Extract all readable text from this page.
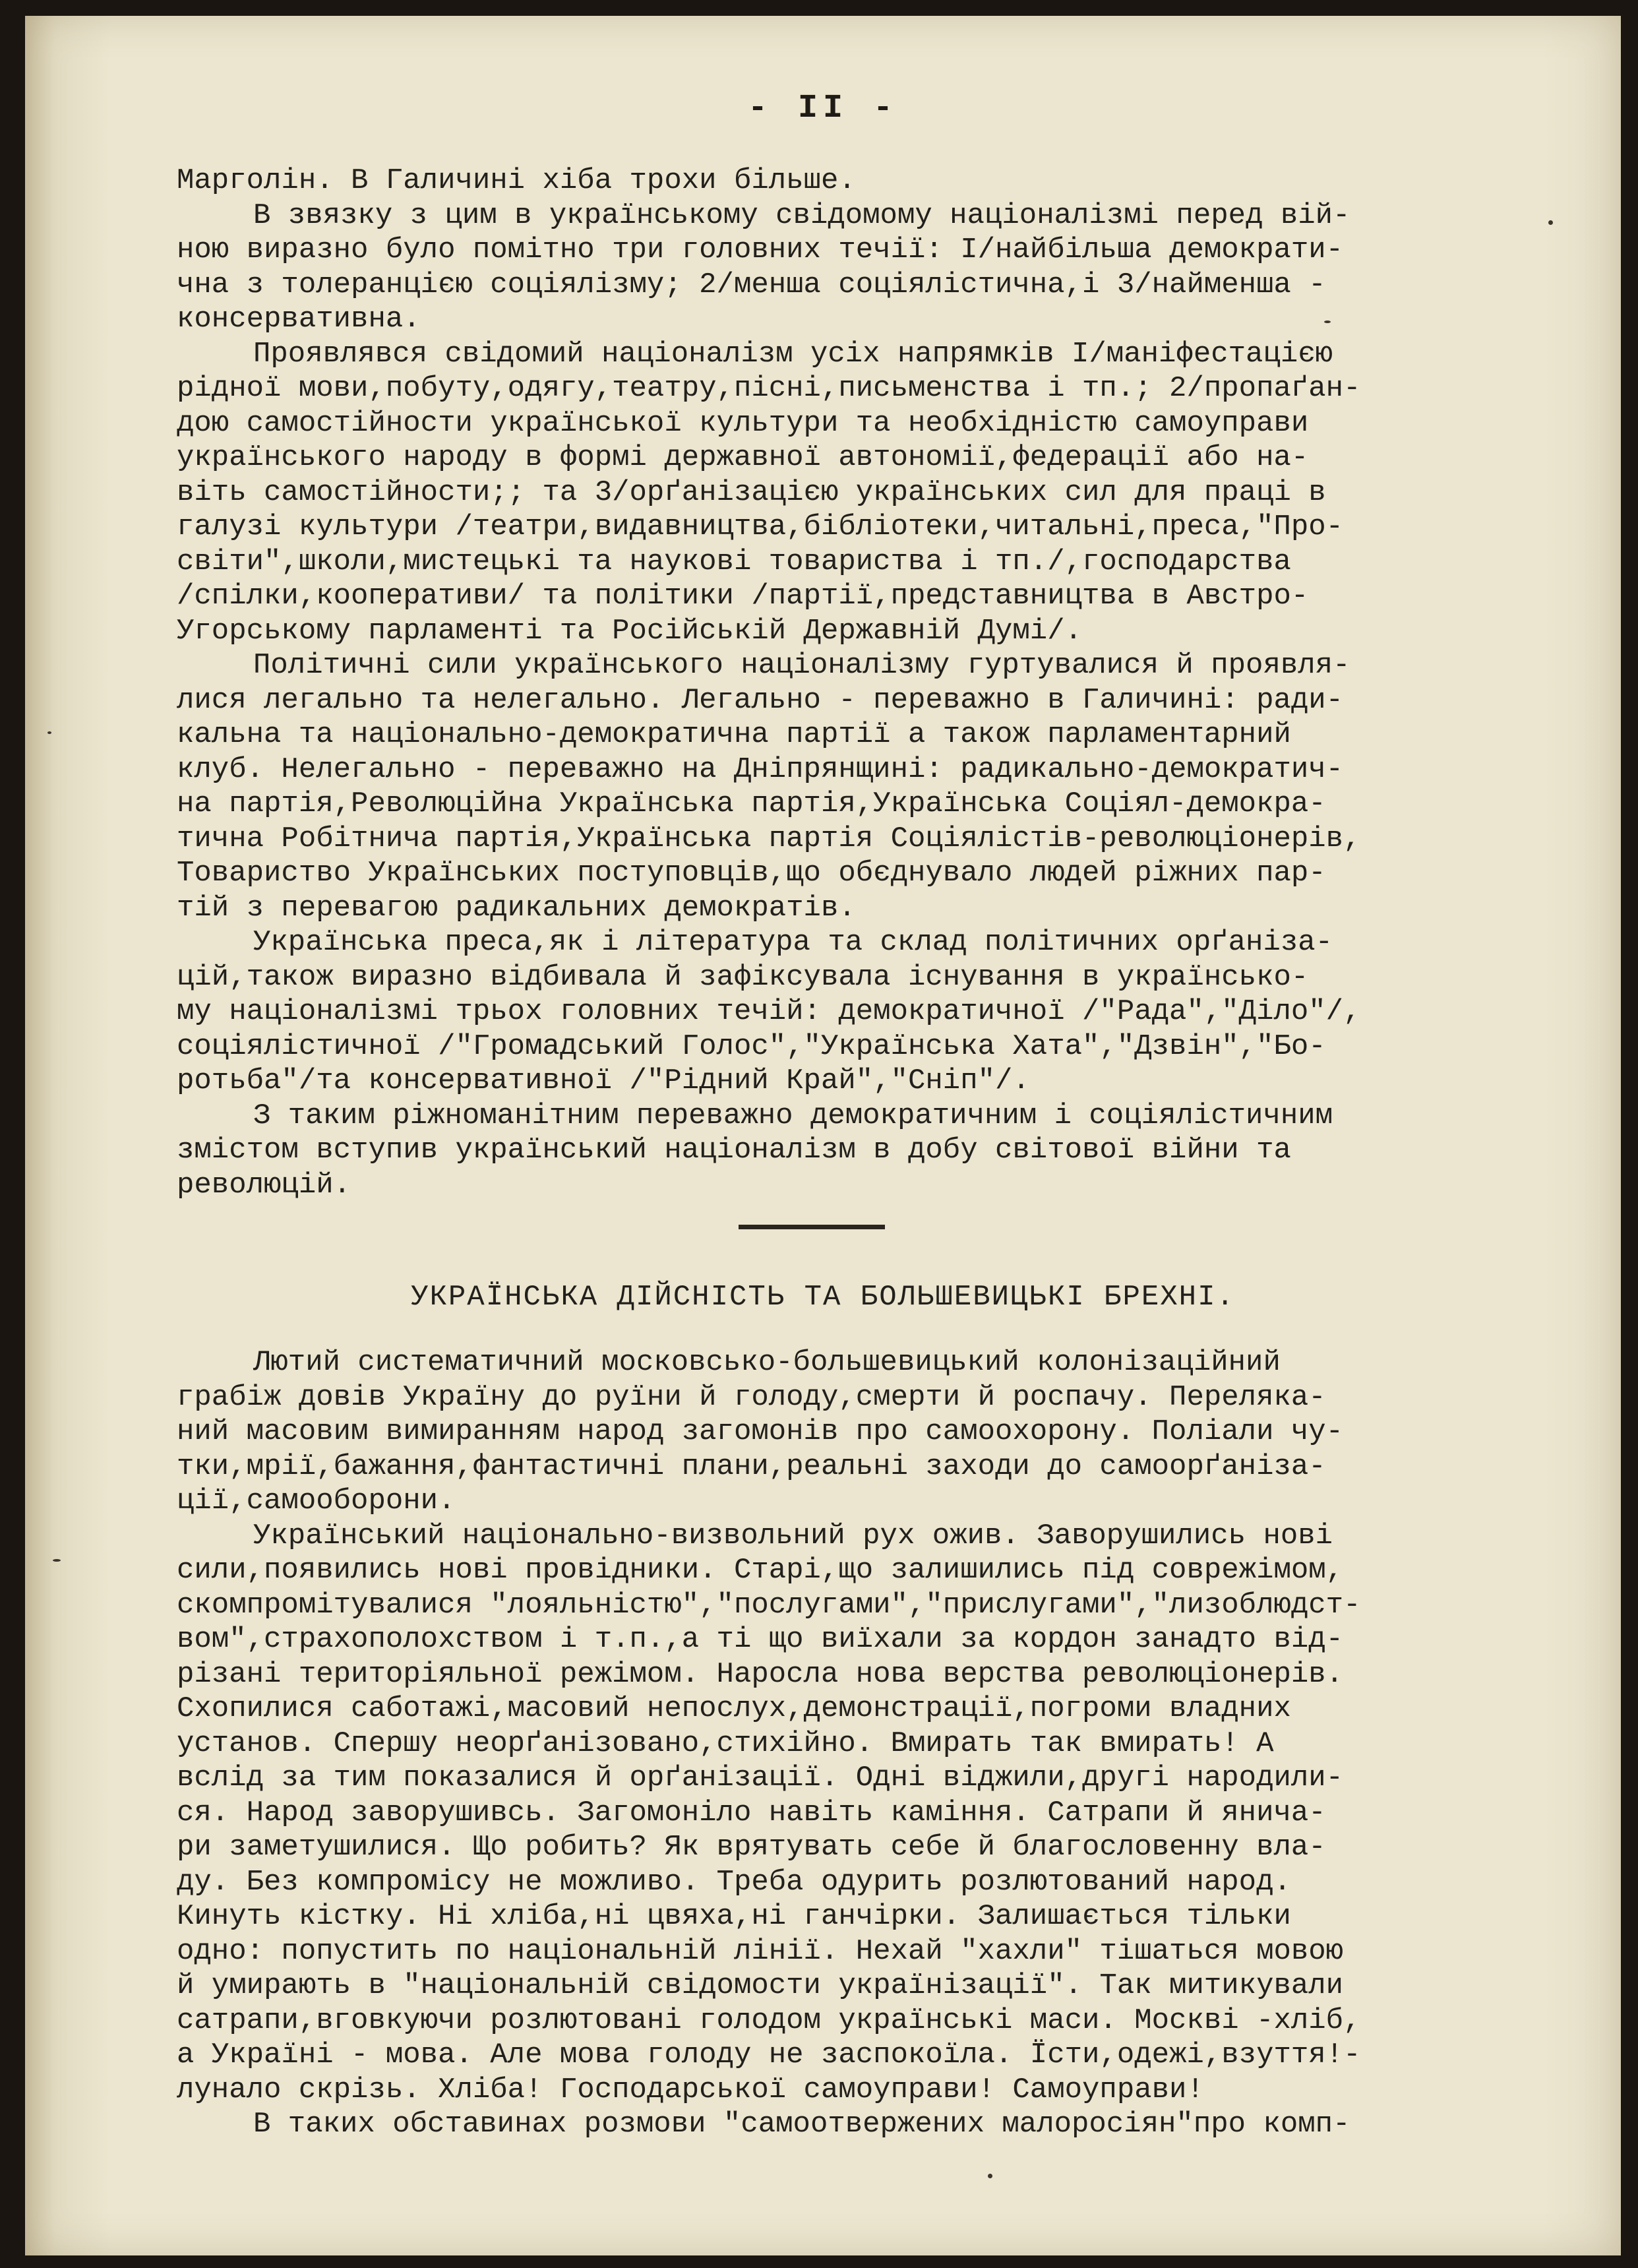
- II -
Марголін. В Галичині хіба трохи більше.
В звязку з цим в українському свідомому націоналізмі перед вій-
ною виразно було помітно три головних течії: І/найбільша демократи-
чна з толеранцією соціялізму; 2/менша соціялістична,і 3/найменша -
консервативна.
Проявлявся свідомий націоналізм усіх напрямків І/маніфестацією
рідної мови,побуту,одягу,театру,пісні,письменства і тп.; 2/пропаґан-
дою самостійности української культури та необхідністю самоуправи
українського народу в формі державної автономії,федерації або на-
віть самостійности;; та 3/орґанізацією українських сил для праці в
галузі культури /театри,видавництва,бібліотеки,читальні,преса,"Про-
світи",школи,мистецькі та наукові товариства і тп./,господарства
/спілки,кооперативи/ та політики /партії,представництва в Австро-
Угорському парламенті та Російській Державній Думі/.
Політичні сили українського націоналізму гуртувалися й проявля-
лися легально та нелегально. Легально - переважно в Галичині: ради-
кальна та національно-демократична партії а також парламентарний
клуб. Нелегально - переважно на Дніпрянщині: радикально-демократич-
на партія,Революційна Українська партія,Українська Соціял-демокра-
тична Робітнича партія,Українська партія Соціялістів-революціонерів,
Товариство Українських поступовців,що обєднувало людей ріжних пар-
тій з перевагою радикальних демократів.
Українська преса,як і література та склад політичних орґаніза-
цій,також виразно відбивала й зафіксувала існування в українсько-
му націоналізмі трьох головних течій: демократичної /"Рада","Діло"/,
соціялістичної /"Громадський Голос","Українська Хата","Дзвін","Бо-
ротьба"/та консервативної /"Рідний Край","Сніп"/.
З таким ріжноманітним переважно демократичним і соціялістичним
змістом вступив український націоналізм в добу світової війни та
революцій.
УКРАЇНСЬКА ДІЙСНІСТЬ ТА БОЛЬШЕВИЦЬКІ БРЕХНІ.
Лютий систематичний московсько-большевицький колонізаційний
грабіж довів Україну до руїни й голоду,смерти й роспачу. Переляка-
ний масовим вимиранням народ загомонів про самоохорону. Поліали чу-
тки,мрії,бажання,фантастичні плани,реальні заходи до самоорґаніза-
ції,самооборони.
Український національно-визвольний рух ожив. Заворушились нові
сили,появились нові провідники. Старі,що залишились під соврежімом,
скомпромітувалися "лояльністю","послугами","прислугами","лизоблюдст-
вом",страхополохством і т.п.,а ті що виїхали за кордон занадто від-
різані територіяльної режімом. Наросла нова верства революціонерів.
Схопилися саботажі,масовий непослух,демонстрації,погроми владних
установ. Спершу неорґанізовано,стихійно. Вмирать так вмирать! А
вслід за тим показалися й орґанізації. Одні віджили,другі народили-
ся. Народ заворушивсь. Загомоніло навіть каміння. Сатрапи й яничa-
ри заметушилися. Що робить? Як врятувать себе й благословенну вла-
ду. Без компромісу не можливо. Треба одурить розлютований народ.
Кинуть кістку. Ні хліба,ні цвяха,ні ганчірки. Залишається тільки
одно: попустить по національній лінії. Нехай "хахли" тішаться мовою
й умирають в "національній свідомости українізації". Так митикували
сатрапи,вговкуючи розлютовані голодом українські маси. Москві -хліб,
а Україні - мова. Але мова голоду не заспокоїла. Їсти,одежі,взуття!-
лунало скрізь. Хліба! Господарської самоуправи! Самоуправи!
В таких обставинах розмови "самоотвержених малоросіян"про комп-
